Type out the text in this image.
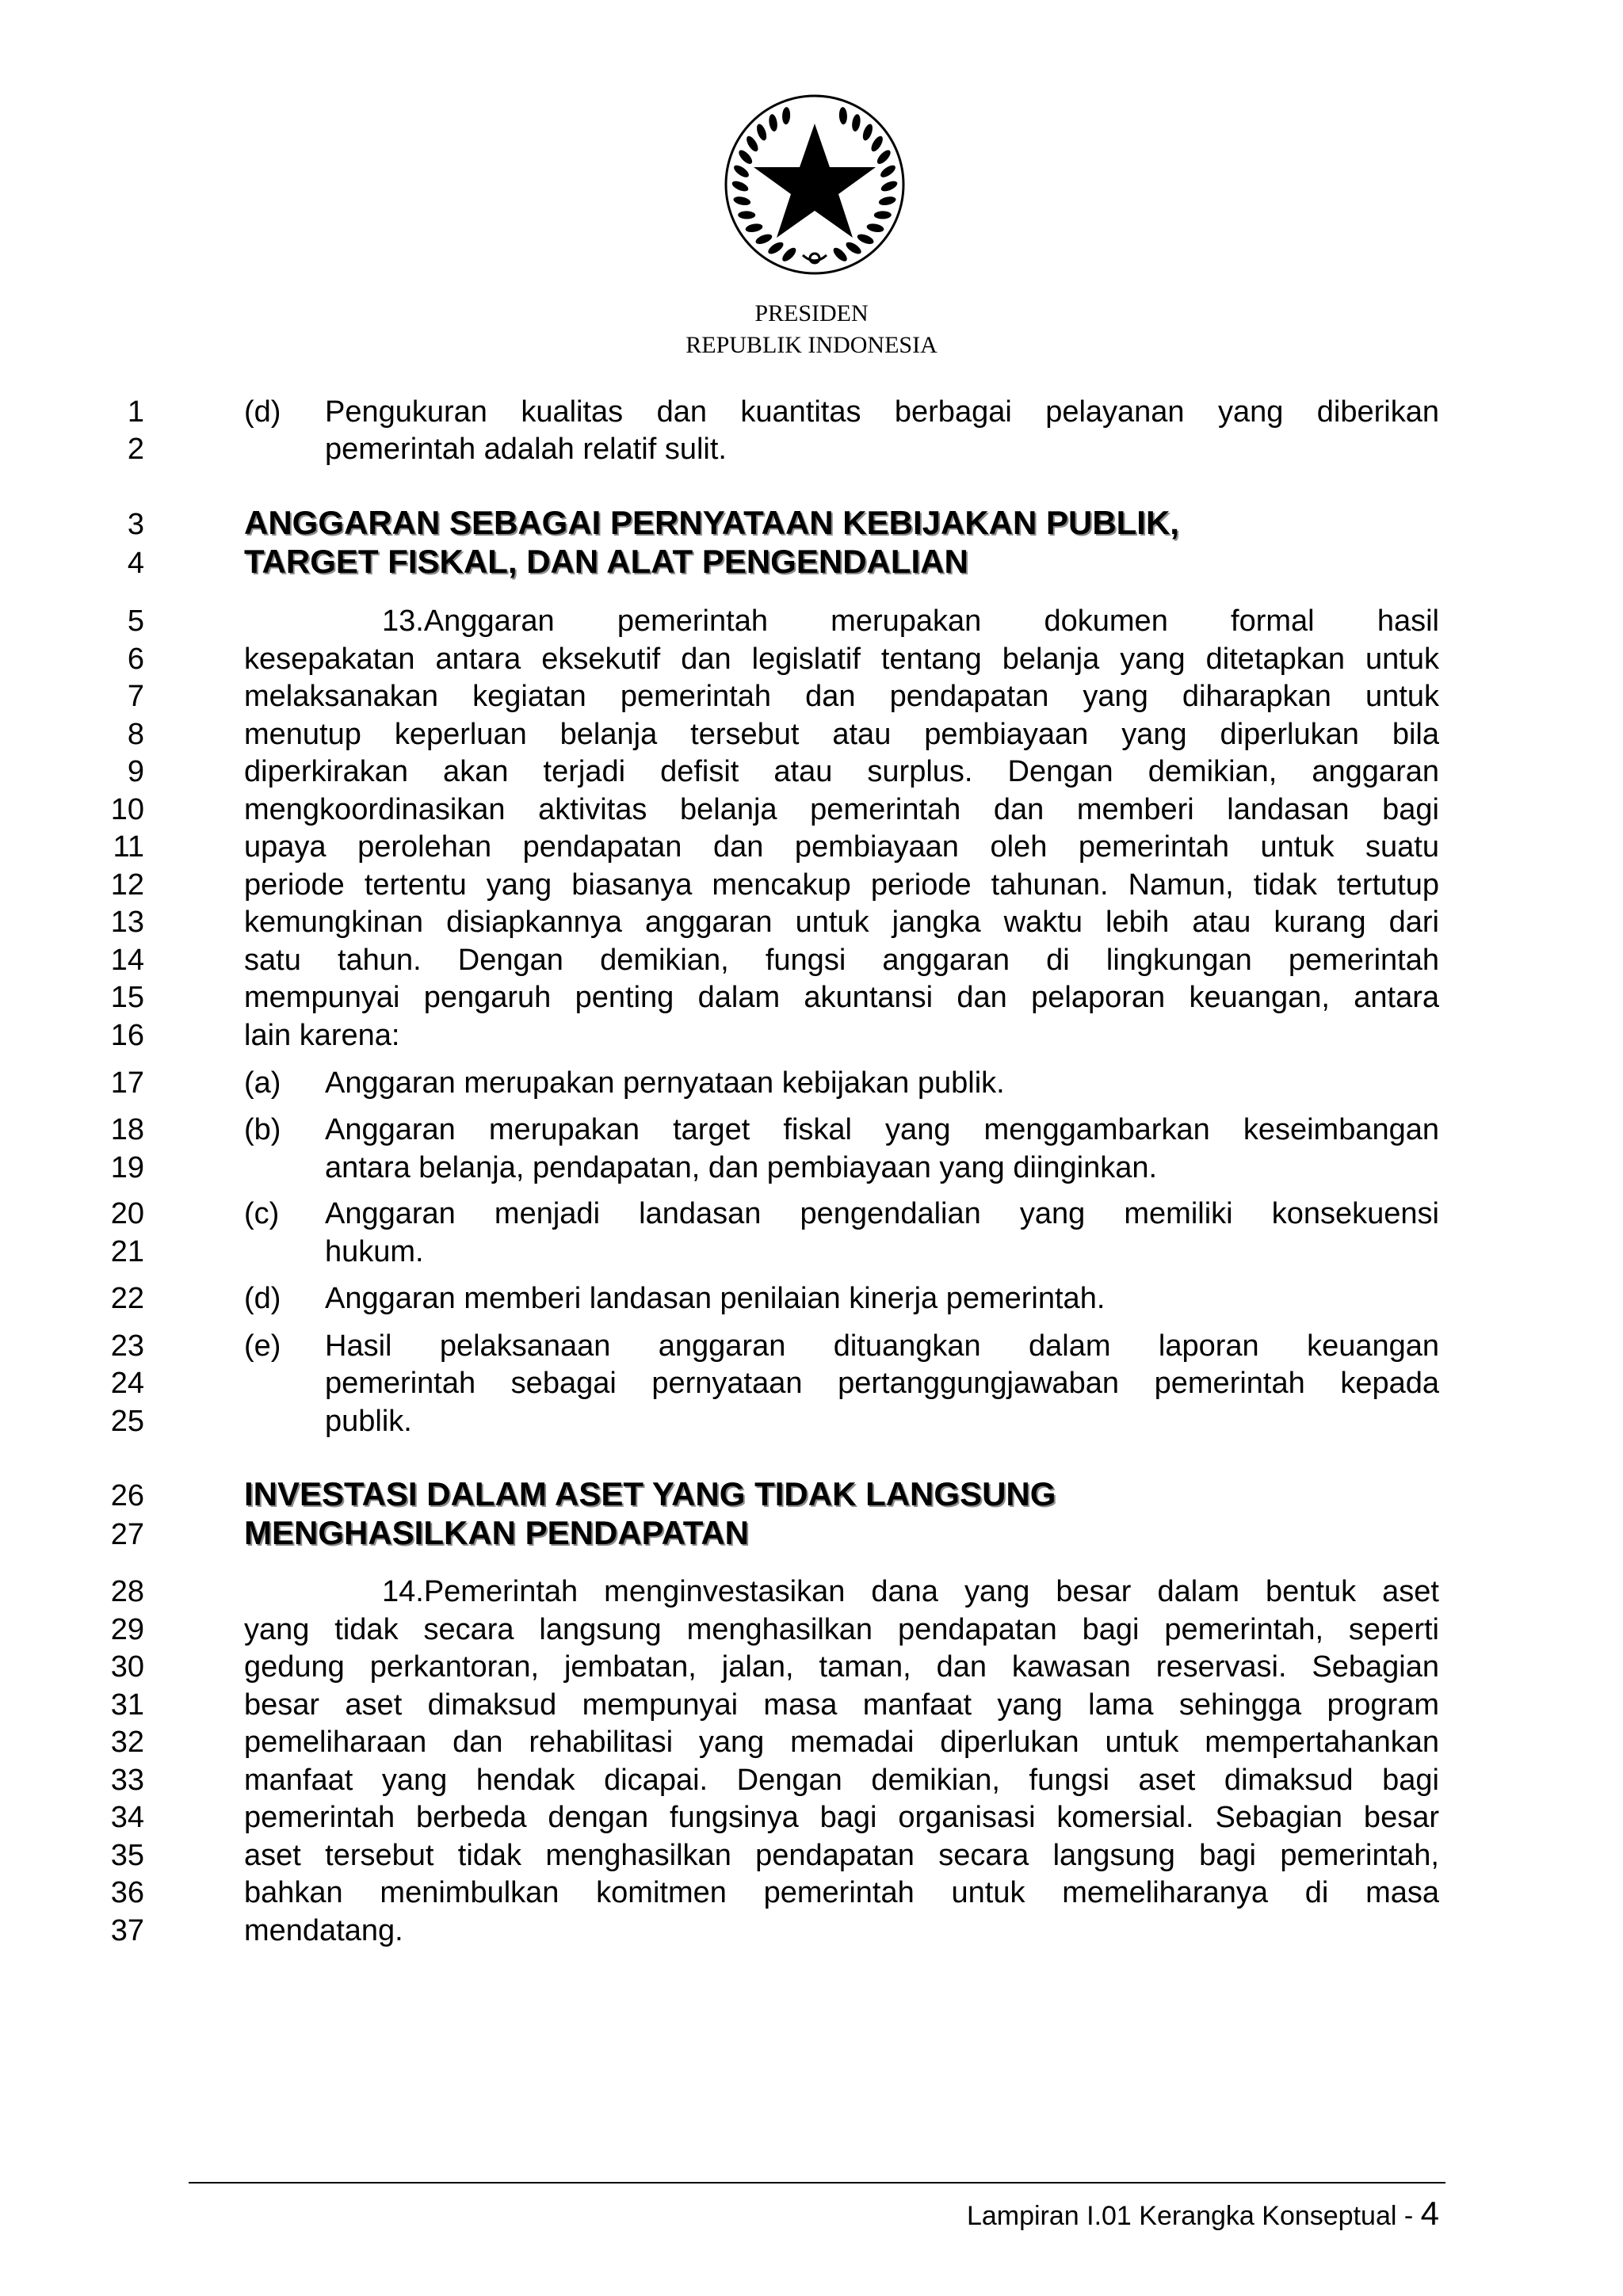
PRESIDEN
REPUBLIK INDONESIA
1
2
3
4
5
6
7
8
9
10
11
12
13
14
15
16
17
18
19
20
21
22
23
24
25
26
27
28
29
30
31
32
33
34
35
36
37
(d) Pengukuran kualitas dan kuantitas berbagai pelayanan yang diberikan
pemerintah adalah relatif sulit.
ANGGARAN SEBAGAI PERNYATAAN KEBIJAKAN PUBLIK,
TARGET FISKAL, DAN ALAT PENGENDALIAN
13.Anggaran pemerintah merupakan dokumen formal hasil
kesepakatan antara eksekutif dan legislatif tentang belanja yang ditetapkan untuk
melaksanakan kegiatan pemerintah dan pendapatan yang diharapkan untuk
menutup keperluan belanja tersebut atau pembiayaan yang diperlukan bila
diperkirakan akan terjadi defisit atau surplus. Dengan demikian, anggaran
mengkoordinasikan aktivitas belanja pemerintah dan memberi landasan bagi
upaya perolehan pendapatan dan pembiayaan oleh pemerintah untuk suatu
periode tertentu yang biasanya mencakup periode tahunan. Namun, tidak tertutup
kemungkinan disiapkannya anggaran untuk jangka waktu lebih atau kurang dari
satu tahun. Dengan demikian, fungsi anggaran di lingkungan pemerintah
mempunyai pengaruh penting dalam akuntansi dan pelaporan keuangan, antara
lain karena:
(a) Anggaran merupakan pernyataan kebijakan publik.
(b) Anggaran merupakan target fiskal yang menggambarkan keseimbangan
antara belanja, pendapatan, dan pembiayaan yang diinginkan.
(c) Anggaran menjadi landasan pengendalian yang memiliki konsekuensi
hukum.
(d) Anggaran memberi landasan penilaian kinerja pemerintah.
(e) Hasil pelaksanaan anggaran dituangkan dalam laporan keuangan
pemerintah sebagai pernyataan pertanggungjawaban pemerintah kepada
publik.
INVESTASI DALAM ASET YANG TIDAK LANGSUNG
MENGHASILKAN PENDAPATAN
14.Pemerintah menginvestasikan dana yang besar dalam bentuk aset
yang tidak secara langsung menghasilkan pendapatan bagi pemerintah, seperti
gedung perkantoran, jembatan, jalan, taman, dan kawasan reservasi. Sebagian
besar aset dimaksud mempunyai masa manfaat yang lama sehingga program
pemeliharaan dan rehabilitasi yang memadai diperlukan untuk mempertahankan
manfaat yang hendak dicapai. Dengan demikian, fungsi aset dimaksud bagi
pemerintah berbeda dengan fungsinya bagi organisasi komersial. Sebagian besar
aset tersebut tidak menghasilkan pendapatan secara langsung bagi pemerintah,
bahkan menimbulkan komitmen pemerintah untuk memeliharanya di masa
mendatang.
Lampiran I.01 Kerangka Konseptual - 4
